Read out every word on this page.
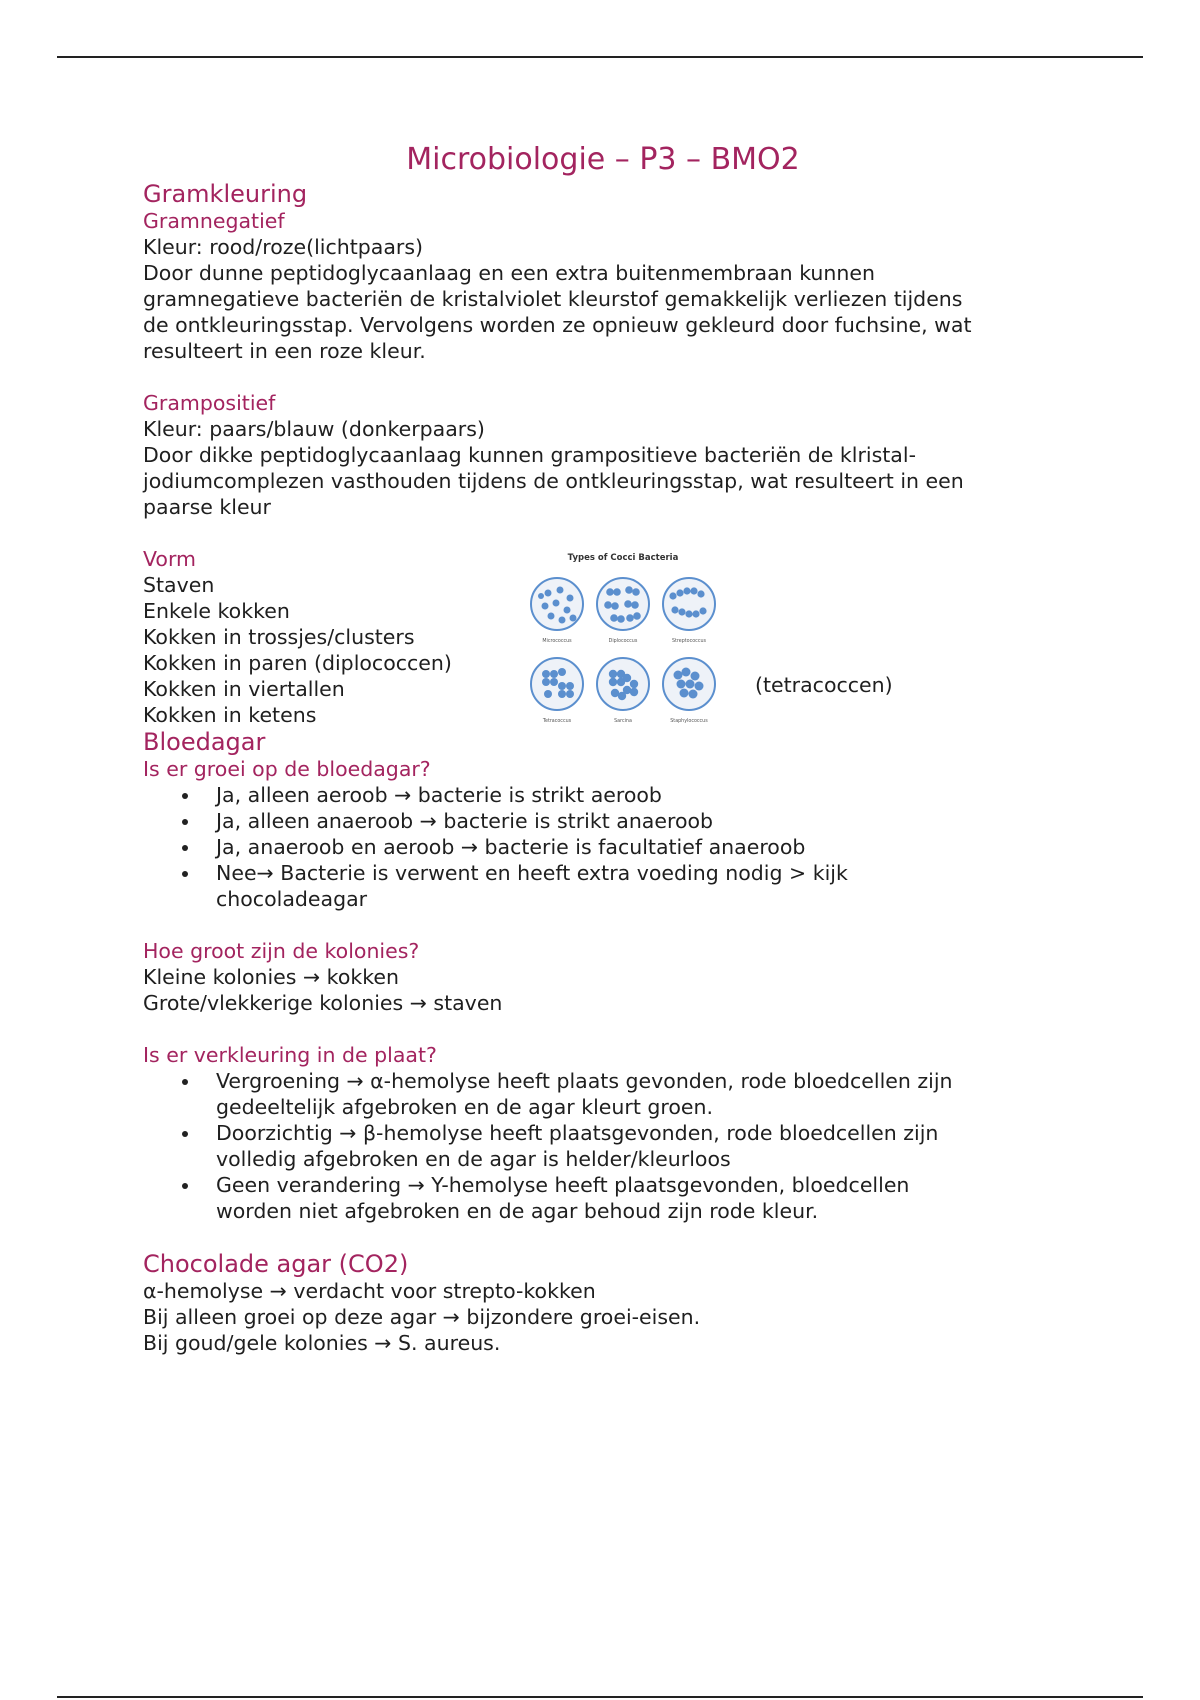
Microbiologie – P3 – BMO2
Gramkleuring
Gramnegatief
Kleur: rood/roze(lichtpaars)
Door dunne peptidoglycaanlaag en een extra buitenmembraan kunnen
gramnegatieve bacteriën de kristalviolet kleurstof gemakkelijk verliezen tijdens
de ontkleuringsstap. Vervolgens worden ze opnieuw gekleurd door fuchsine, wat
resulteert in een roze kleur.
Grampositief
Kleur: paars/blauw (donkerpaars)
Door dikke peptidoglycaanlaag kunnen grampositieve bacteriën de klristal-
jodiumcomplezen vasthouden tijdens de ontkleuringsstap, wat resulteert in een
paarse kleur
Vorm
Staven
Enkele kokken
Kokken in trossjes/clusters
Kokken in paren (diplococcen)
Kokken in viertallen
Kokken in ketens
Types of Cocci Bacteria
Micrococcus	Diplococcus	Streptococcus
Tetracoccus	Sarcina	Staphylococcus
(tetracoccen)
Bloedagar
Is er groei op de bloedagar?
Ja, alleen aeroob → bacterie is strikt aeroob
Ja, alleen anaeroob → bacterie is strikt anaeroob
Ja, anaeroob en aeroob → bacterie is facultatief anaeroob
Nee→ Bacterie is verwent en heeft extra voeding nodig > kijk
chocoladeagar
Hoe groot zijn de kolonies?
Kleine kolonies → kokken
Grote/vlekkerige kolonies → staven
Is er verkleuring in de plaat?
Vergroening → α-hemolyse heeft plaats gevonden, rode bloedcellen zijn
gedeeltelijk afgebroken en de agar kleurt groen.
Doorzichtig → β-hemolyse heeft plaatsgevonden, rode bloedcellen zijn
volledig afgebroken en de agar is helder/kleurloos
Geen verandering → Y-hemolyse heeft plaatsgevonden, bloedcellen
worden niet afgebroken en de agar behoud zijn rode kleur.
Chocolade agar (CO2)
α-hemolyse → verdacht voor strepto-kokken
Bij alleen groei op deze agar → bijzondere groei-eisen.
Bij goud/gele kolonies → S. aureus.
